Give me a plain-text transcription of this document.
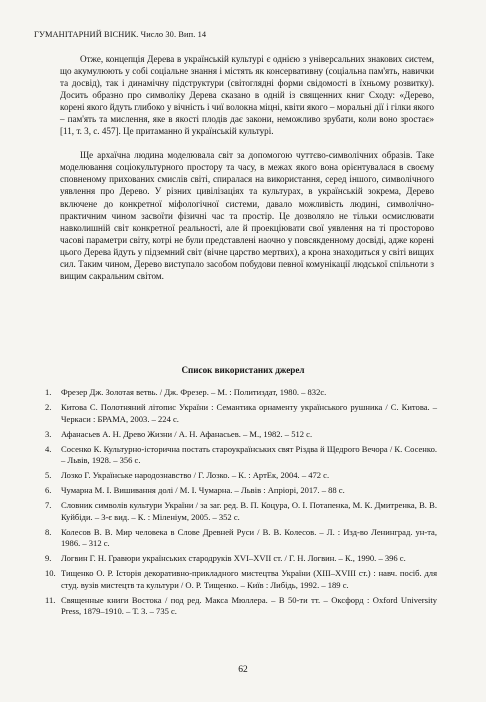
ГУМАНІТАРНИЙ ВІСНИК. Число 30. Вип. 14

Отже, концепція Дерева в українській культурі є однією з універсальних знакових систем, що акумулюють у собі соціальне знання і містять як консервативну (соціальна пам'ять, навички та досвід), так і динамічну підструктури (світоглядні форми свідомості в їхньому розвитку). Досить образно про символіку Дерева сказано в одній із священних книг Сходу: «Дерево, корені якого йдуть глибоко у вічність і чиї волокна міцні, квіти якого – моральні дії і гілки якого – пам'ять та мислення, яке в якості плодів дає закони, неможливо зрубати, коли воно зростає» [11, т. 3, с. 457]. Це притаманно й українській культурі.

Ще архаїчна людина моделювала світ за допомогою чуттєво-символічних образів. Таке моделювання соціокультурного простору та часу, в межах якого вона орієнтувалася в своєму сповненому прихованих смислів світі, спиралася на використання, серед іншого, символічного уявлення про Дерево. У різних цивілізаціях та культурах, в українській зокрема, Дерево включене до конкретної міфологічної системи, давало можливість людині, символічно-практичним чином засвоїти фізичні час та простір. Це дозволяло не тільки осмислювати навколишній світ конкретної реальності, але й проекціювати свої уявлення на ті просторово часові параметри світу, котрі не були представлені наочно у повсякденному досвіді, адже корені цього Дерева йдуть у підземний світ (вічне царство мертвих), а крона знаходиться у світі вищих сил. Таким чином, Дерево виступало засобом побудови певної комунікації людської спільноти з вищим сакральним світом.

Список використаних джерел
1.	Фрезер Дж. Золотая ветвь. / Дж. Фрезер. – М. : Политиздат, 1980. – 832с.
2.	Китова С. Полотняний літопис України : Семантика орнаменту українського рушника / С. Китова. – Черкаси : БРАМА, 2003. – 224 с.
3.	Афанасьев А. Н. Древо Жизни / А. Н. Афанасьев. – М., 1982. – 512 с.
4.	Сосенко К. Культурно-історична постать староукраїнських свят Різдва й Щедрого Вечора / К. Сосенко. – Львів, 1928. – 356 с.
5.	Лозко Г. Українське народознавство / Г. Лозко. – К. : АртЕк, 2004. – 472 с.
6.	Чумарна М. І. Вишивання долі / М. І. Чумарна. – Львів : Апріорі, 2017. – 88 с.
7.	Словник символів культури України / за заг. ред. В. П. Коцура, О. І. Потапенка, М. К. Дмитренка, В. В. Куйбіди. – 3-є вид. – К. : Міленіум, 2005. – 352 с.
8.	Колесов В. В. Мир человека в Слове Древней Руси / В. В. Колесов. – Л. : Изд-во Ленинград. ун-та, 1986. – 312 с.
9.	Логвин Г. Н. Гравюри українських стародруків XVI–XVII ст. / Г. Н. Логвин. – К., 1990. – 396 с.
10. Тищенко О. Р. Історія декоративно-прикладного мистецтва України (XIII–XVIII ст.) : навч. посіб. для студ. вузів мистецтв та культури / О. Р. Тищенко. – Київ : Либідь, 1992. – 189 с.
11. Священные книги Востока / под ред. Макса Мюллера. – В 50-ти тт. – Оксфорд : Oxford University Press, 1879–1910. – Т. 3. – 735 с.
62
